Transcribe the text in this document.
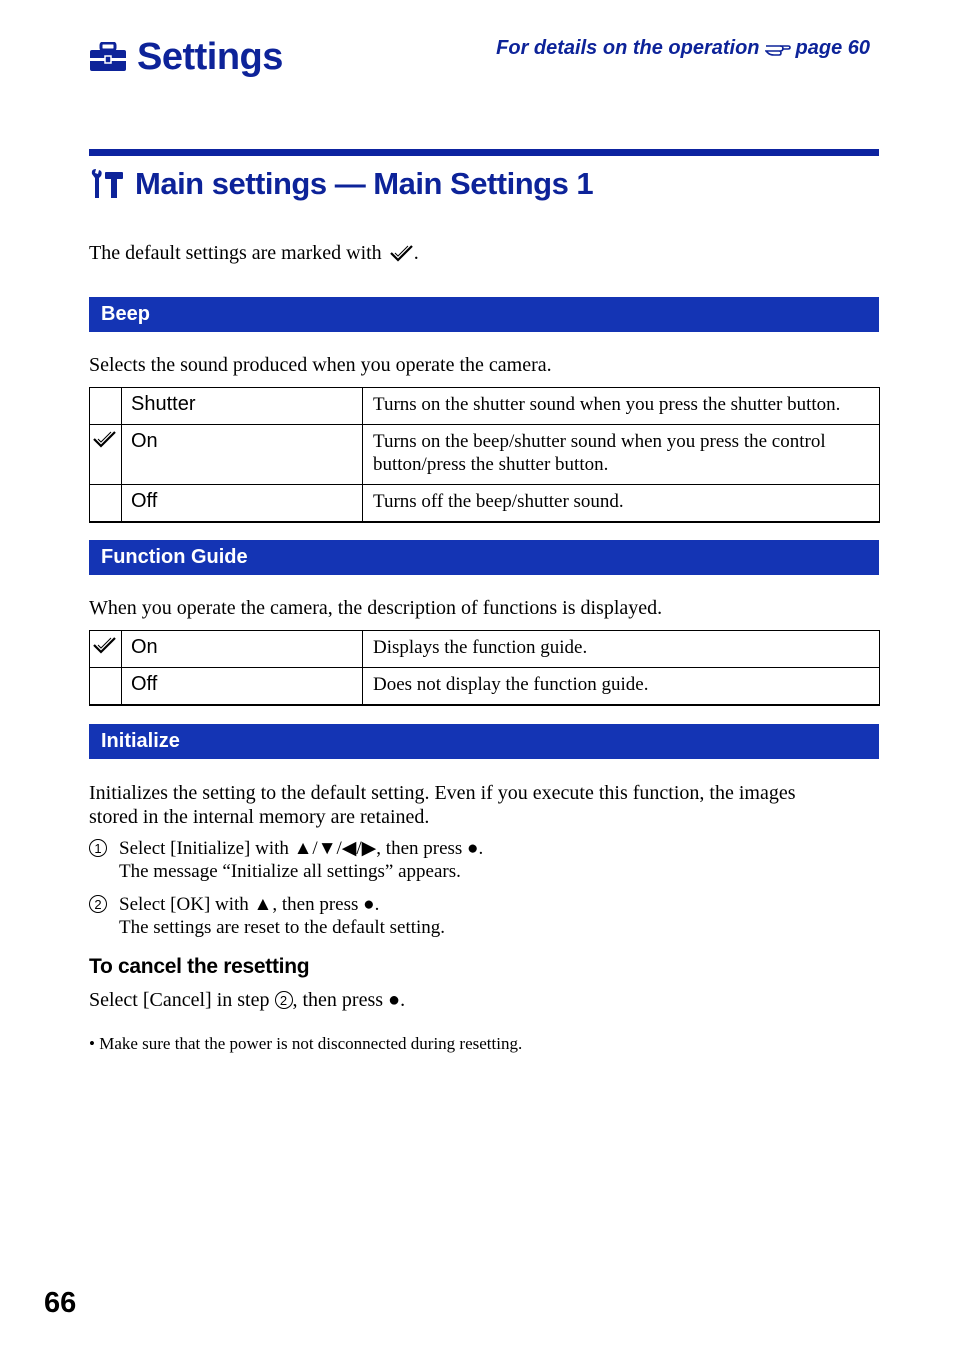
Settings	For details on the operation page 60
Main settings — Main Settings 1
The default settings are marked with .
Beep
Selects the sound produced when you operate the camera.
	Shutter	Turns on the shutter sound when you press the shutter button.

	On	Turns on the beep/shutter sound when you press the control button/press the shutter button.
	Off	Turns off the beep/shutter sound.
Function Guide
When you operate the camera, the description of functions is displayed.
	On	Displays the function guide.
	Off	Does not display the function guide.
Initialize
Initializes the setting to the default setting. Even if you execute this function, the images stored in the internal memory are retained.
1 Select [Initialize] with ▲/▼/◀/▶, then press ●.
The message “Initialize all settings” appears.
2 Select [OK] with ▲, then press ●.
The settings are reset to the default setting.
To cancel the resetting
Select [Cancel] in step 2 , then press ●.
• Make sure that the power is not disconnected during resetting.
66
